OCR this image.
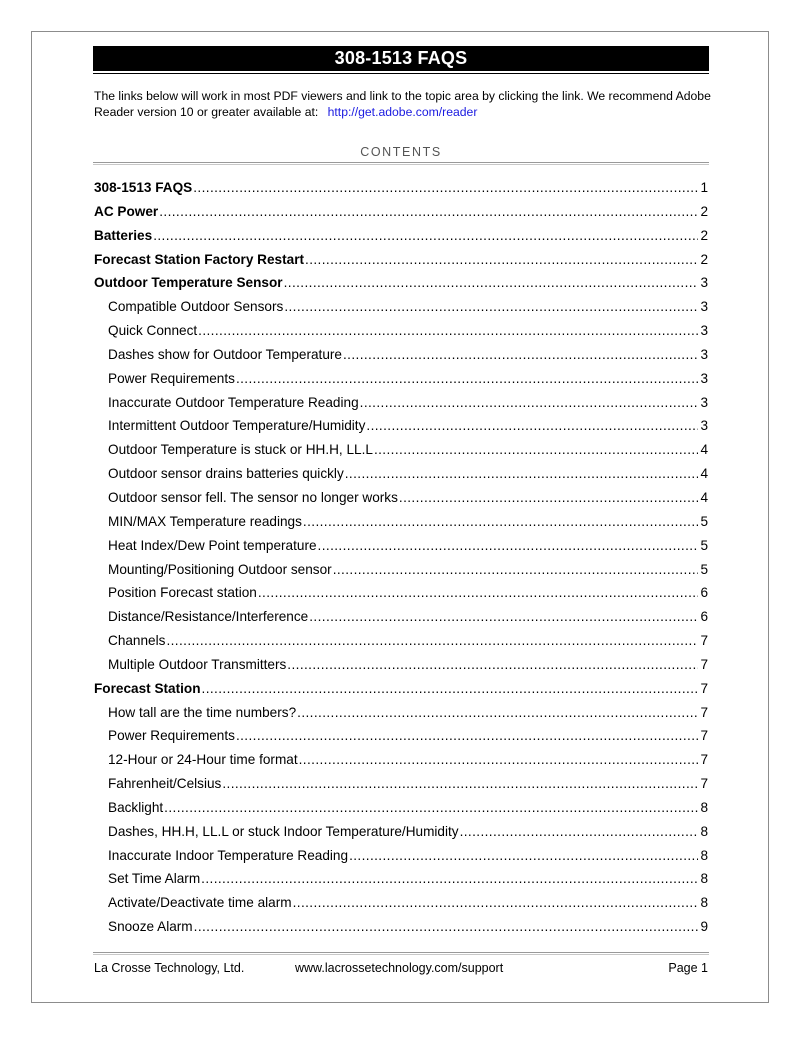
308-1513 FAQS
The links below will work in most PDF viewers and link to the topic area by clicking the link. We recommend Adobe Reader version 10 or greater available at: http://get.adobe.com/reader
CONTENTS
308-1513 FAQS .....	1
AC Power .....	2
Batteries .....	2
Forecast Station Factory Restart .....	2
Outdoor Temperature Sensor .....	3
Compatible Outdoor Sensors .....	3
Quick Connect .....	3
Dashes show for Outdoor Temperature .....	3
Power Requirements .....	3
Inaccurate Outdoor Temperature Reading .....	3
Intermittent Outdoor Temperature/Humidity .....	3
Outdoor Temperature is stuck or HH.H, LL.L .....	4
Outdoor sensor drains batteries quickly .....	4
Outdoor sensor fell. The sensor no longer works .....	4
MIN/MAX Temperature readings .....	5
Heat Index/Dew Point temperature .....	5
Mounting/Positioning Outdoor sensor .....	5
Position Forecast station .....	6
Distance/Resistance/Interference .....	6
Channels .....	7
Multiple Outdoor Transmitters .....	7
Forecast Station .....	7
How tall are the time numbers? .....	7
Power Requirements .....	7
12-Hour or 24-Hour time format .....	7
Fahrenheit/Celsius .....	7
Backlight .....	8
Dashes, HH.H, LL.L or stuck Indoor Temperature/Humidity .....	8
Inaccurate Indoor Temperature Reading .....	8
Set Time Alarm .....	8
Activate/Deactivate time alarm .....	8
Snooze Alarm .....	9
La Crosse Technology, Ltd.	www.lacrossetechnology.com/support	Page 1
